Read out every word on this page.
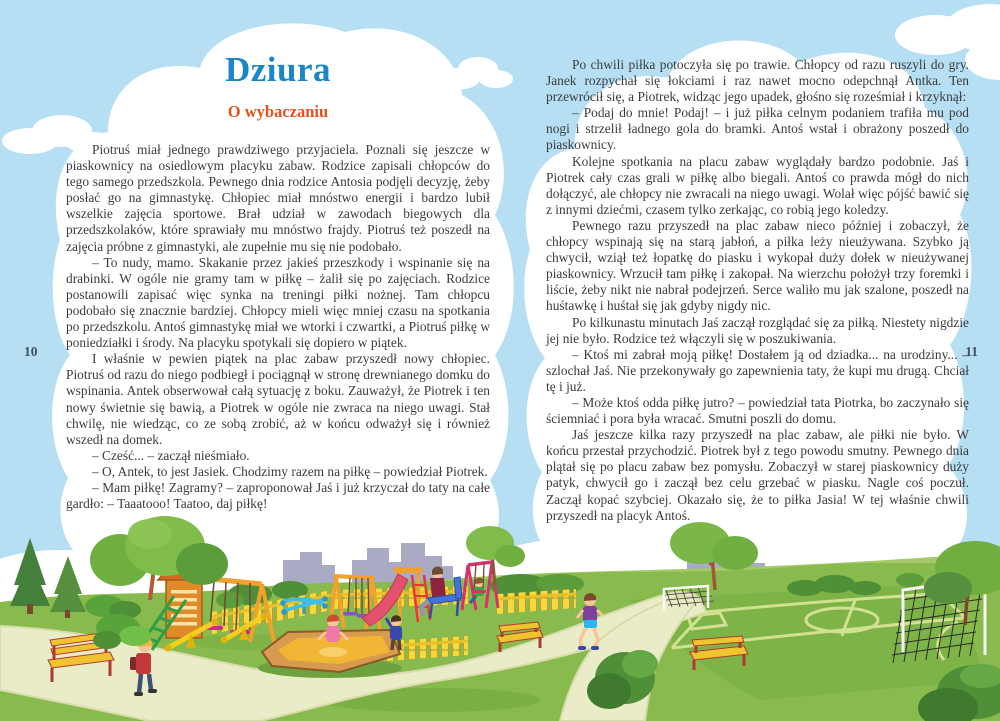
Dziura
O wybaczaniu

Piotruś miał jednego prawdziwego przyjaciela. Poznali się jeszcze w piaskownicy na osiedlowym placyku zabaw. Rodzice zapisali chłopców do tego samego przedszkola. Pewnego dnia rodzice Antosia podjęli decyzję, żeby posłać go na gimnastykę. Chłopiec miał mnóstwo energii i bardzo lubił wszelkie zajęcia sportowe. Brał udział w zawodach biegowych dla przedszkolaków, które sprawiały mu mnóstwo frajdy. Piotruś też poszedł na zajęcia próbne z gimnastyki, ale zupełnie mu się nie podobało.

– To nudy, mamo. Skakanie przez jakieś przeszkody i wspinanie się na drabinki. W ogóle nie gramy tam w piłkę – żalił się po zajęciach. Rodzice postanowili zapisać więc synka na treningi piłki nożnej. Tam chłopcu podobało się znacznie bardziej. Chłopcy mieli więc mniej czasu na spotkania po przedszkolu. Antoś gimnastykę miał we wtorki i czwartki, a Piotruś piłkę w poniedziałki i środy. Na placyku spotykali się dopiero w piątek.

I właśnie w pewien piątek na plac zabaw przyszedł nowy chłopiec. Piotruś od razu do niego podbiegł i pociągnął w stronę drewnianego domku do wspinania. Antek obserwował całą sytuację z boku. Zauważył, że Piotrek i ten nowy świetnie się bawią, a Piotrek w ogóle nie zwraca na niego uwagi. Stał chwilę, nie wiedząc, co ze sobą zrobić, aż w końcu odważył się i również wszedł na domek.

– Cześć... – zaczął nieśmiało.

– O, Antek, to jest Jasiek. Chodzimy razem na piłkę – powiedział Piotrek.

– Mam piłkę! Zagramy? – zaproponował Jaś i już krzyczał do taty na całe gardło: – Taaatooo! Taatoo, daj piłkę!

Po chwili piłka potoczyła się po trawie. Chłopcy od razu ruszyli do gry. Janek rozpychał się łokciami i raz nawet mocno odepchnął Antka. Ten przewrócił się, a Piotrek, widząc jego upadek, głośno się roześmiał i krzyknął:

– Podaj do mnie! Podaj! – i już piłka celnym podaniem trafiła mu pod nogi i strzelił ładnego gola do bramki. Antoś wstał i obrażony poszedł do piaskownicy.

Kolejne spotkania na placu zabaw wyglądały bardzo podobnie. Jaś i Piotrek cały czas grali w piłkę albo biegali. Antoś co prawda mógł do nich dołączyć, ale chłopcy nie zwracali na niego uwagi. Wolał więc pójść bawić się z innymi dziećmi, czasem tylko zerkając, co robią jego koledzy.

Pewnego razu przyszedł na plac zabaw nieco później i zobaczył, że chłopcy wspinają się na starą jabłoń, a piłka leży nieużywana. Szybko ją chwycił, wziął też łopatkę do piasku i wykopał duży dołek w nieużywanej piaskownicy. Wrzucił tam piłkę i zakopał. Na wierzchu położył trzy foremki i liście, żeby nikt nie nabrał podejrzeń. Serce waliło mu jak szalone, poszedł na huśtawkę i huśtał się jak gdyby nigdy nic.

Po kilkunastu minutach Jaś zaczął rozglądać się za piłką. Niestety nigdzie jej nie było. Rodzice też włączyli się w poszukiwania.

– Ktoś mi zabrał moją piłkę! Dostałem ją od dziadka... na urodziny... – szlochał Jaś. Nie przekonywały go zapewnienia taty, że kupi mu drugą. Chciał tę i już.

– Może ktoś odda piłkę jutro? – powiedział tata Piotrka, bo zaczynało się ściemniać i pora była wracać. Smutni poszli do domu.

Jaś jeszcze kilka razy przyszedł na plac zabaw, ale piłki nie było. W końcu przestał przychodzić. Piotrek był z tego powodu smutny. Pewnego dnia plątał się po placu zabaw bez pomysłu. Zobaczył w starej piaskownicy duży patyk, chwycił go i zaczął bez celu grzebać w piasku. Nagle coś poczuł. Zaczął kopać szybciej. Okazało się, że to piłka Jasia! W tej właśnie chwili przyszedł na placyk Antoś.

10	11
